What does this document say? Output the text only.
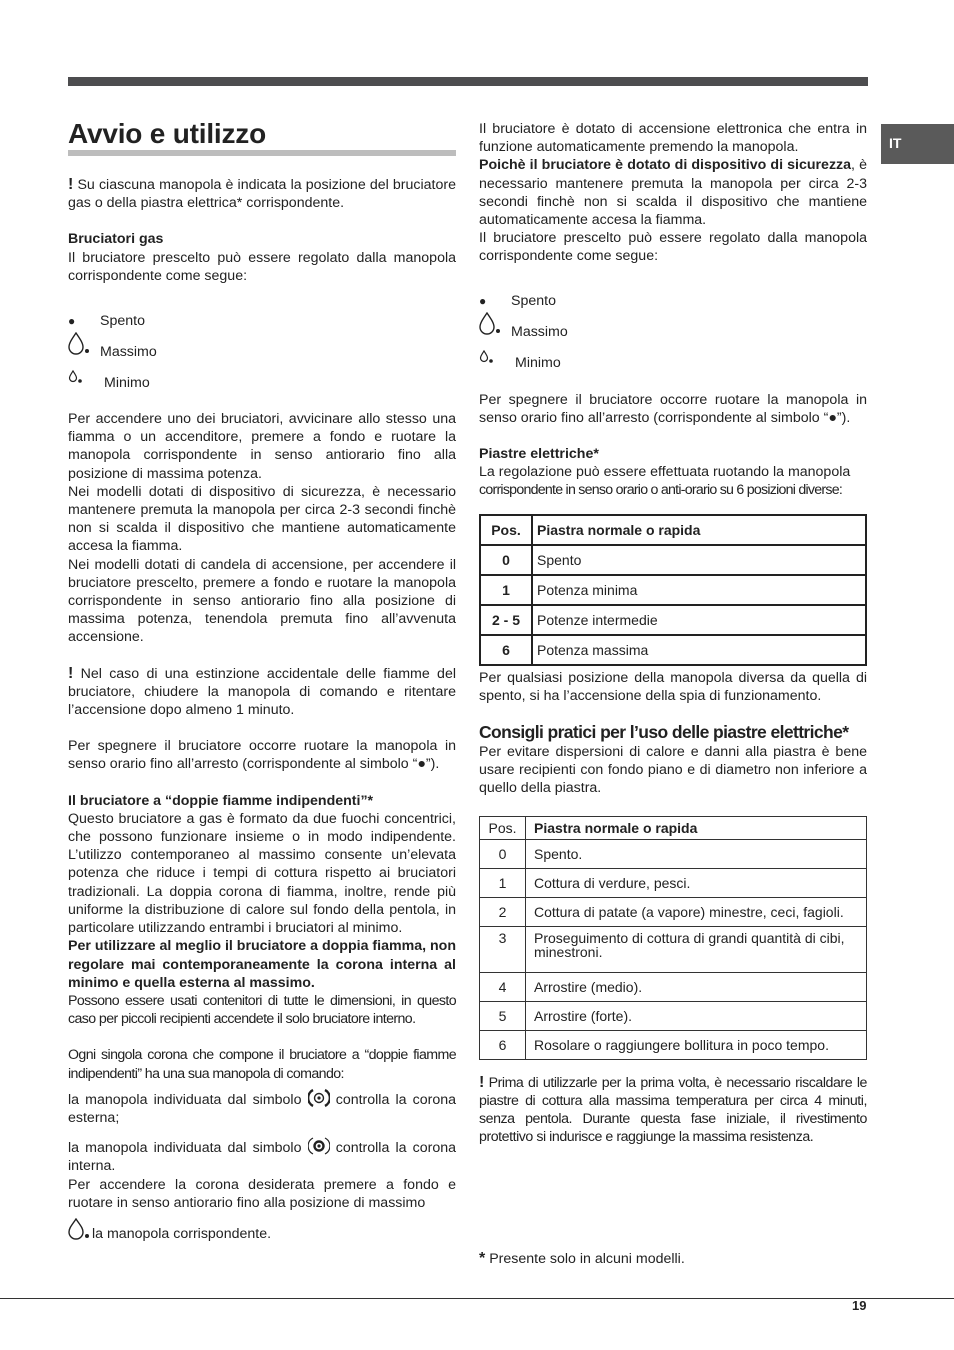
IT
Avvio e utilizzo

! Su ciascuna manopola è indicata la posizione del bruciatore gas o della piastra elettrica* corrispondente.

Bruciatori gas

Il bruciatore prescelto può essere regolato dalla manopola corrispondente come segue:

●	Spento
Massimo
Minimo

Per accendere uno dei bruciatori, avvicinare allo stesso una fiamma o un accenditore, premere a fondo e ruotare la manopola corrispondente in senso antiorario fino alla posizione di massima potenza.

Nei modelli dotati di dispositivo di sicurezza, è necessario mantenere premuta la manopola per circa 2-3 secondi finchè non si scalda il dispositivo che mantiene automaticamente accesa la fiamma.

Nei modelli dotati di candela di accensione, per accendere il bruciatore prescelto, premere a fondo e ruotare la manopola corrispondente in senso antiorario fino alla posizione di massima potenza, tenendola premuta fino all’avvenuta accensione.

! Nel caso di una estinzione accidentale delle fiamme del bruciatore, chiudere la manopola di comando e ritentare l’accensione dopo almeno 1 minuto.

Per spegnere il bruciatore occorre ruotare la manopola in senso orario fino all’arresto (corrispondente al simbolo “●”).

Il bruciatore a “doppie fiamme indipendenti”*

Questo bruciatore a gas è formato da due fuochi concentrici, che possono funzionare insieme o in modo indipendente. L’utilizzo contemporaneo al massimo consente un’elevata potenza che riduce i tempi di cottura rispetto ai bruciatori tradizionali. La doppia corona di fiamma, inoltre, rende più uniforme la distribuzione di calore sul fondo della pentola, in particolare utilizzando entrambi i bruciatori al minimo.

Per utilizzare al meglio il bruciatore a doppia fiamma, non regolare mai contemporaneamente la corona interna al minimo e quella esterna al massimo.

Possono essere usati contenitori di tutte le dimensioni, in questo caso per piccoli recipienti accendete il solo bruciatore interno.

Ogni singola corona che compone il bruciatore a “doppie fiamme indipendenti” ha una sua manopola di comando:

la manopola individuata dal simbolo controlla la corona esterna;

la manopola individuata dal simbolo controlla la corona interna.

Per accendere la corona desiderata premere a fondo e ruotare in senso antiorario fino alla posizione di massimo

la manopola corrispondente.

Il bruciatore è dotato di accensione elettronica che entra in funzione automaticamente premendo la manopola.

Poichè il bruciatore è dotato di dispositivo di sicurezza, è necessario mantenere premuta la manopola per circa 2-3 secondi finchè non si scalda il dispositivo che mantiene automaticamente accesa la fiamma.

Il bruciatore prescelto può essere regolato dalla manopola corrispondente come segue:

●	Spento
Massimo
Minimo

Per spegnere il bruciatore occorre ruotare la manopola in senso orario fino all’arresto (corrispondente al simbolo “●”).

Piastre elettriche*

La regolazione può essere effettuata ruotando la manopola

corrispondente in senso orario o anti-orario su 6 posizioni diverse:

Pos.	Piastra normale o rapida
0	Spento
1	Potenza minima
2 - 5	Potenze intermedie
6	Potenza massima

Per qualsiasi posizione della manopola diversa da quella di spento, si ha l’accensione della spia di funzionamento.

Consigli pratici per l’uso delle piastre elettriche*

Per evitare dispersioni di calore e danni alla piastra è bene usare recipienti con fondo piano e di diametro non inferiore a quello della piastra.

Pos.	Piastra normale o rapida
0	Spento.
1	Cottura di verdure, pesci.
2	Cottura di patate (a vapore) minestre, ceci, fagioli.
3	Proseguimento di cottura di grandi quantità di cibi, minestroni.
4	Arrostire (medio).
5	Arrostire (forte).
6	Rosolare o raggiungere bollitura in poco tempo.

! Prima di utilizzarle per la prima volta, è necessario riscaldare le piastre di cottura alla massima temperatura per circa 4 minuti, senza pentola. Durante questa fase iniziale, il rivestimento protettivo si indurisce e raggiunge la massima resistenza.

* Presente solo in alcuni modelli.
19
